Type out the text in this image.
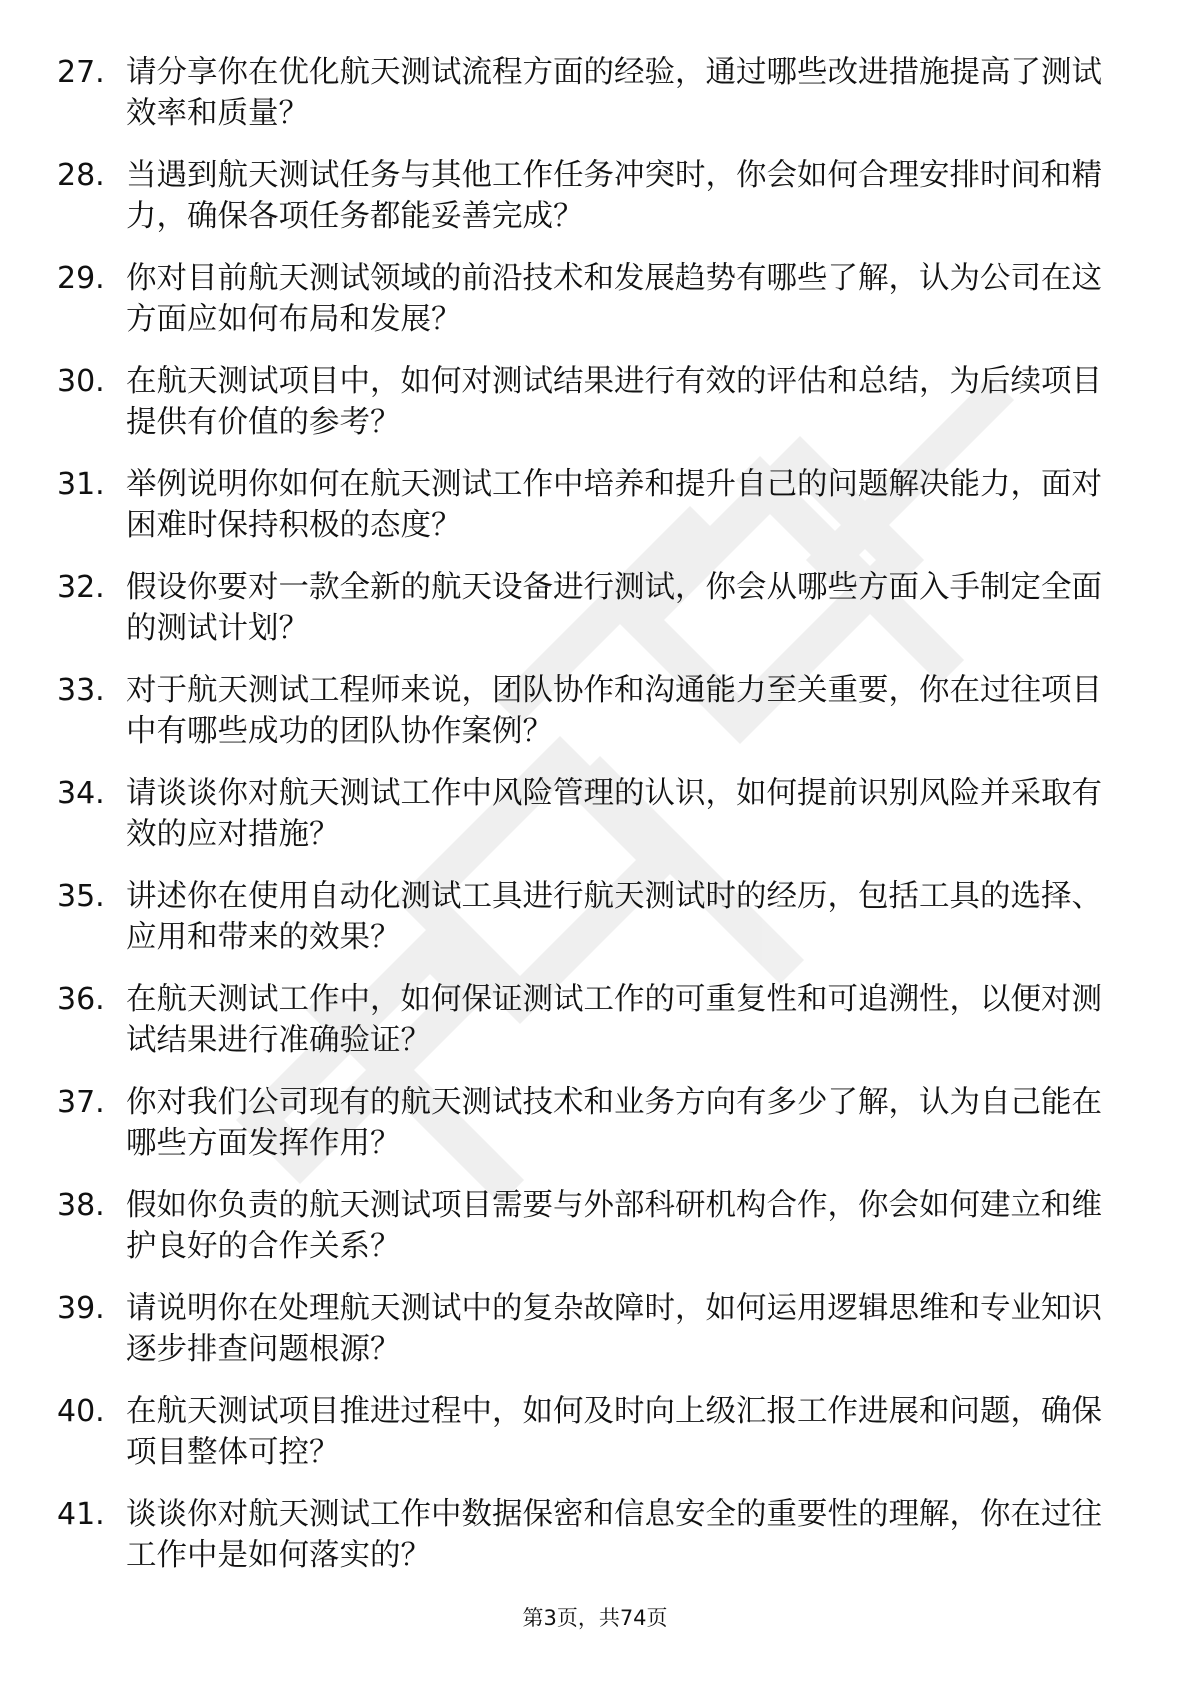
27. 请分享你在优化航天测试流程方面的经验，通过哪些改进措施提高了测试效率和质量？
28. 当遇到航天测试任务与其他工作任务冲突时，你会如何合理安排时间和精力，确保各项任务都能妥善完成？
29. 你对目前航天测试领域的前沿技术和发展趋势有哪些了解，认为公司在这方面应如何布局和发展？
30. 在航天测试项目中，如何对测试结果进行有效的评估和总结，为后续项目提供有价值的参考？
31. 举例说明你如何在航天测试工作中培养和提升自己的问题解决能力，面对困难时保持积极的态度？
32. 假设你要对一款全新的航天设备进行测试，你会从哪些方面入手制定全面的测试计划？
33. 对于航天测试工程师来说，团队协作和沟通能力至关重要，你在过往项目中有哪些成功的团队协作案例？
34. 请谈谈你对航天测试工作中风险管理的认识，如何提前识别风险并采取有效的应对措施？
35. 讲述你在使用自动化测试工具进行航天测试时的经历，包括工具的选择、应用和带来的效果？
36. 在航天测试工作中，如何保证测试工作的可重复性和可追溯性，以便对测试结果进行准确验证？
37. 你对我们公司现有的航天测试技术和业务方向有多少了解，认为自己能在哪些方面发挥作用？
38. 假如你负责的航天测试项目需要与外部科研机构合作，你会如何建立和维护良好的合作关系？
39. 请说明你在处理航天测试中的复杂故障时，如何运用逻辑思维和专业知识逐步排查问题根源？
40. 在航天测试项目推进过程中，如何及时向上级汇报工作进展和问题，确保项目整体可控？
41. 谈谈你对航天测试工作中数据保密和信息安全的重要性的理解，你在过往工作中是如何落实的？
第3页，共74页
